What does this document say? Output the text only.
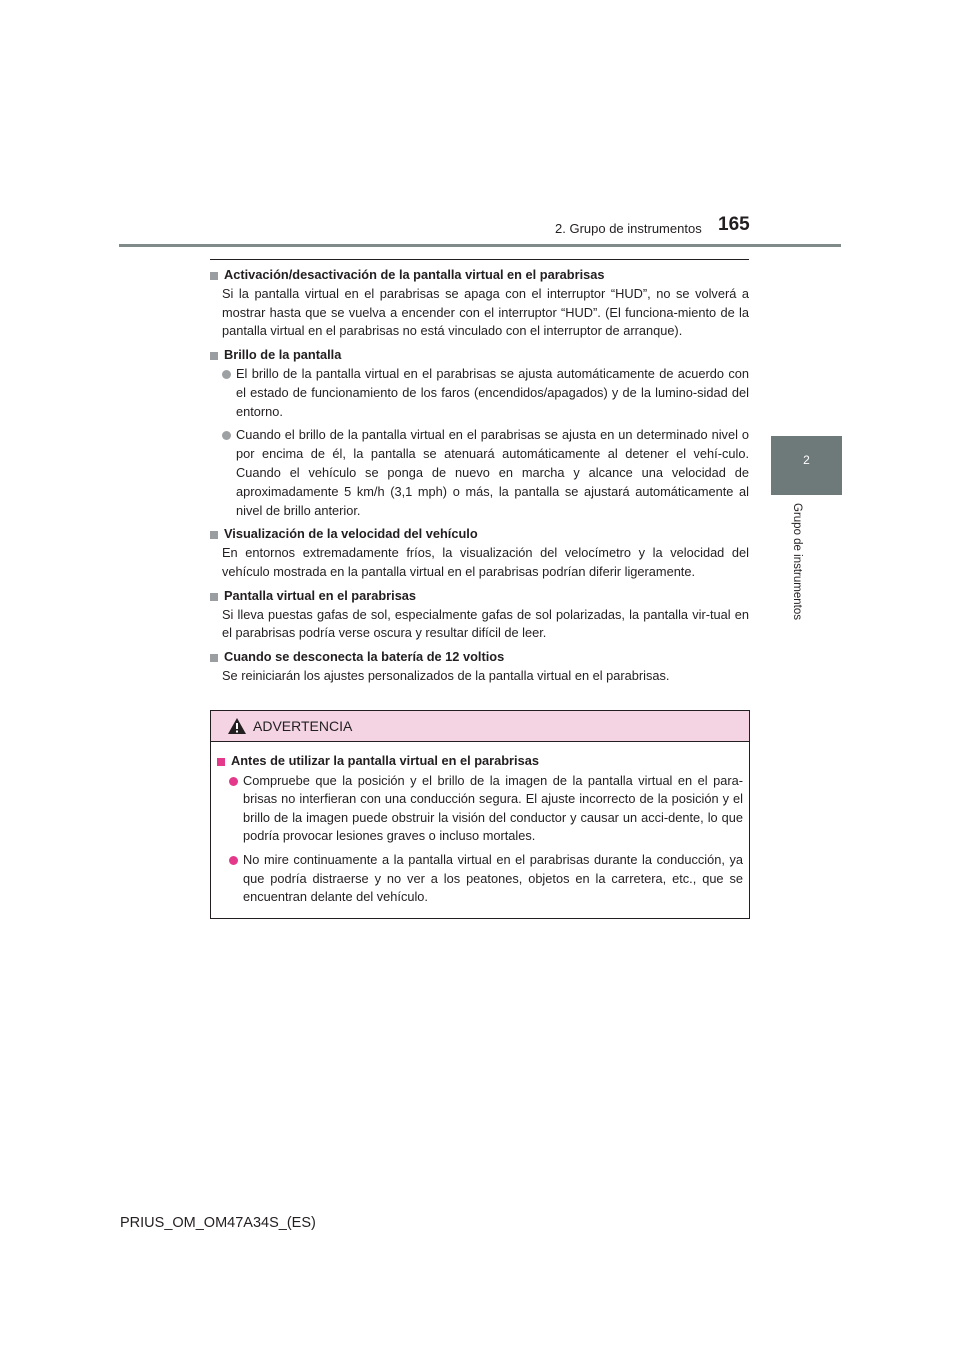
2. Grupo de instrumentos 165
2
Grupo de instrumentos
Activación/desactivación de la pantalla virtual en el parabrisas
Si la pantalla virtual en el parabrisas se apaga con el interruptor “HUD”, no se volverá a mostrar hasta que se vuelva a encender con el interruptor “HUD”. (El funciona-miento de la pantalla virtual en el parabrisas no está vinculado con el interruptor de arranque).
Brillo de la pantalla
El brillo de la pantalla virtual en el parabrisas se ajusta automáticamente de acuerdo con el estado de funcionamiento de los faros (encendidos/apagados) y de la lumino-sidad del entorno.
Cuando el brillo de la pantalla virtual en el parabrisas se ajusta en un determinado nivel o por encima de él, la pantalla se atenuará automáticamente al detener el vehí-culo. Cuando el vehículo se ponga de nuevo en marcha y alcance una velocidad de aproximadamente 5 km/h (3,1 mph) o más, la pantalla se ajustará automáticamente al nivel de brillo anterior.
Visualización de la velocidad del vehículo
En entornos extremadamente fríos, la visualización del velocímetro y la velocidad del vehículo mostrada en la pantalla virtual en el parabrisas podrían diferir ligeramente.
Pantalla virtual en el parabrisas
Si lleva puestas gafas de sol, especialmente gafas de sol polarizadas, la pantalla vir-tual en el parabrisas podría verse oscura y resultar difícil de leer.
Cuando se desconecta la batería de 12 voltios
Se reiniciarán los ajustes personalizados de la pantalla virtual en el parabrisas.
ADVERTENCIA
Antes de utilizar la pantalla virtual en el parabrisas
Compruebe que la posición y el brillo de la imagen de la pantalla virtual en el para-brisas no interfieran con una conducción segura. El ajuste incorrecto de la posición y el brillo de la imagen puede obstruir la visión del conductor y causar un acci-dente, lo que podría provocar lesiones graves o incluso mortales.
No mire continuamente a la pantalla virtual en el parabrisas durante la conducción, ya que podría distraerse y no ver a los peatones, objetos en la carretera, etc., que se encuentran delante del vehículo.
PRIUS_OM_OM47A34S_(ES)
